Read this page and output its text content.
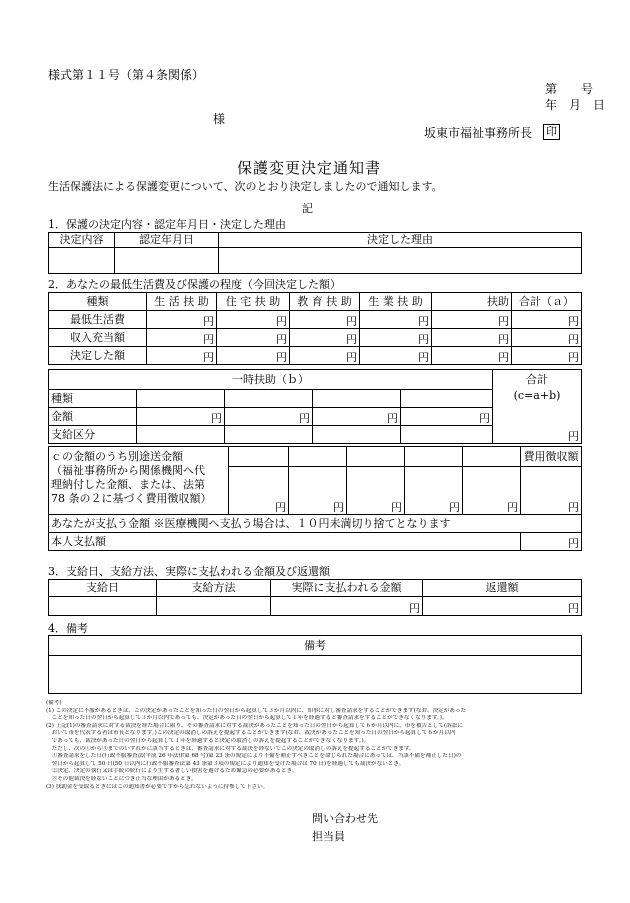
様式第１１号（第４条関係）
第　　号
年　月　日
様
坂東市福祉事務所長 印
保護変更決定通知書
生活保護法による保護変更について、次のとおり決定しましたので通知します。
記
1．保護の決定内容・認定年月日・決定した理由
決定内容	認定年月日	決定した理由

2．あなたの最低生活費及び保護の程度（今回決定した額）
種類	生 活 扶 助	住 宅 扶 助	教 育 扶 助	生 業 扶 助	扶助	合計（ａ）
最低生活費	円	円	円	円	円	円
収入充当額	円	円	円	円	円	円
決定した額	円	円	円	円	円	円
一時扶助（ｂ）					合計
種類					(c=a+b)
金額	円	円	円	円	
支給区分					円
ｃの金額のうち別途送金額
（福祉事務所から関係機関へ代
理納付した金額、または、法第
78 条の２に基づく費用徴収額）						費用徴収額
	円	円	円	円	円	円
あなたが支払う金額 ※医療機関へ支払う場合は、１０円未満切り捨てとなります						
本人支払額						円
3．支給日、支給方法、実際に支払われる金額及び返還額
支給日	支給方法	実際に支払われる金額	返還額
		円	円
4．備考
備考

(備考)
(1) この決定に不服があるときは、この決定があったことを知った日の翌日から起算して３か月以内に、知事に対し審査請求をすることができます(なお、決定があった
　ことを知った日の翌日から起算して３か月以内であっても、決定があった日の翌日から起算して１年を経過すると審査請求をすることができなくなります。)。
(2) 上記(1)の審査請求に対する裁決を経た場合に限り、その審査請求に対する裁決があったことを知った日の翌日から起算して６か月以内に、市を被告として(訴訟に
　おいて市を代表する者は市長となります。)この決定の取消しの訴えを提起することができます(なお、裁決があったことを知った日の翌日から起算して６か月以内
　であっても、裁決があった日の翌日から起算して１年を経過すると決定の取消しの訴えを提起することができなくなります。)。
　ただし、次の①から③までのいずれかに該当するときは、審査請求に対する裁決を経ないでこの決定の取消しの訴えを提起することができます。
　①審査請求をした日(行政不服審査法(平成 26 年法律第 68 号)第 23 条の規定により不備を補正すべきことを命じられた場合にあっては、当該不備を補正した日)の
　翌日から起算して 50 日(50 日以内に行政不服審査法第 43 条第３項の規定により通知を受けた場合は 70 日)を経過しても裁決がないとき。
　②決定、決定の執行又は手続の続行により生ずる著しい損害を避けるため緊急の必要があるとき。
　③その他裁決を経ないことにつき正当な理由があるとき。
(3) 扶助金を受取るときにはこの通知書が必要ですから忘れないように持参して下さい。
問い合わせ先
担当員
